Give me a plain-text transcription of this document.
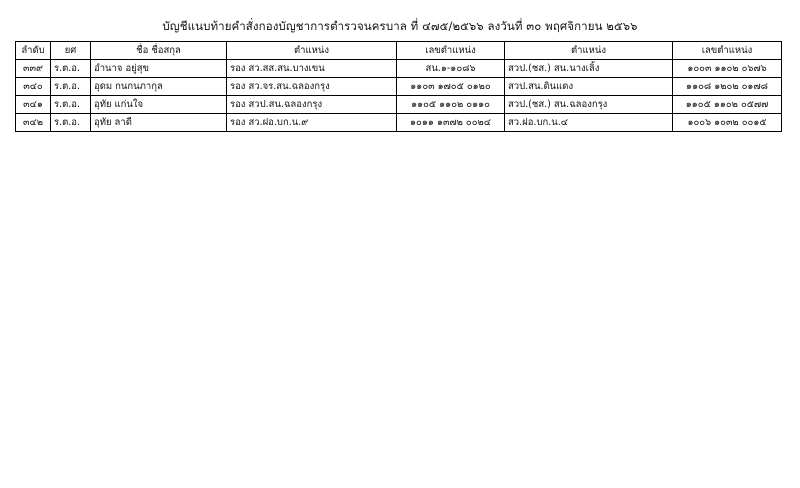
บัญชีแนบท้ายคำสั่งกองบัญชาการตำรวจนครบาล ที่ ๔๗๕/๒๕๖๖ ลงวันที่ ๓๐ พฤศจิกายน ๒๕๖๖
ลำดับ	ยศ	ชื่อ ชื่อสกุล	ตำแหน่ง	เลขตำแหน่ง	ตำแหน่ง	เลขตำแหน่ง
๓๓๙	ร.ต.อ.	อำนาจ อยู่สุข	รอง สว.สส.สน.บางเขน	สน.๑-๑๐๘๖	สวป.(ชส.) สน.นางเลิ้ง	๑๐๐๓ ๑๑๐๒ ๐๖๗๖
๓๔๐	ร.ต.อ.	อุดม กนกนภากุล	รอง สว.จร.สน.ฉลองกรุง	๑๑๐๓ ๑๗๐๕ ๐๑๒๐	สวป.สน.ดินแดง	๑๑๐๘ ๑๒๐๒ ๐๑๗๘
๓๔๑	ร.ต.อ.	อุทัย แก่นใจ	รอง สวป.สน.ฉลองกรุง	๑๑๐๕ ๑๑๐๒ ๐๑๑๐	สวป.(ชส.) สน.ฉลองกรุง	๑๑๐๕ ๑๑๐๒ ๐๕๗๗
๓๔๒	ร.ต.อ.	อุทัย ลาดี	รอง สว.ฝอ.บก.น.๙	๑๐๑๑ ๑๓๗๒ ๐๐๒๔	สว.ฝอ.บก.น.๔	๑๐๐๖ ๑๐๓๒ ๐๐๑๕
